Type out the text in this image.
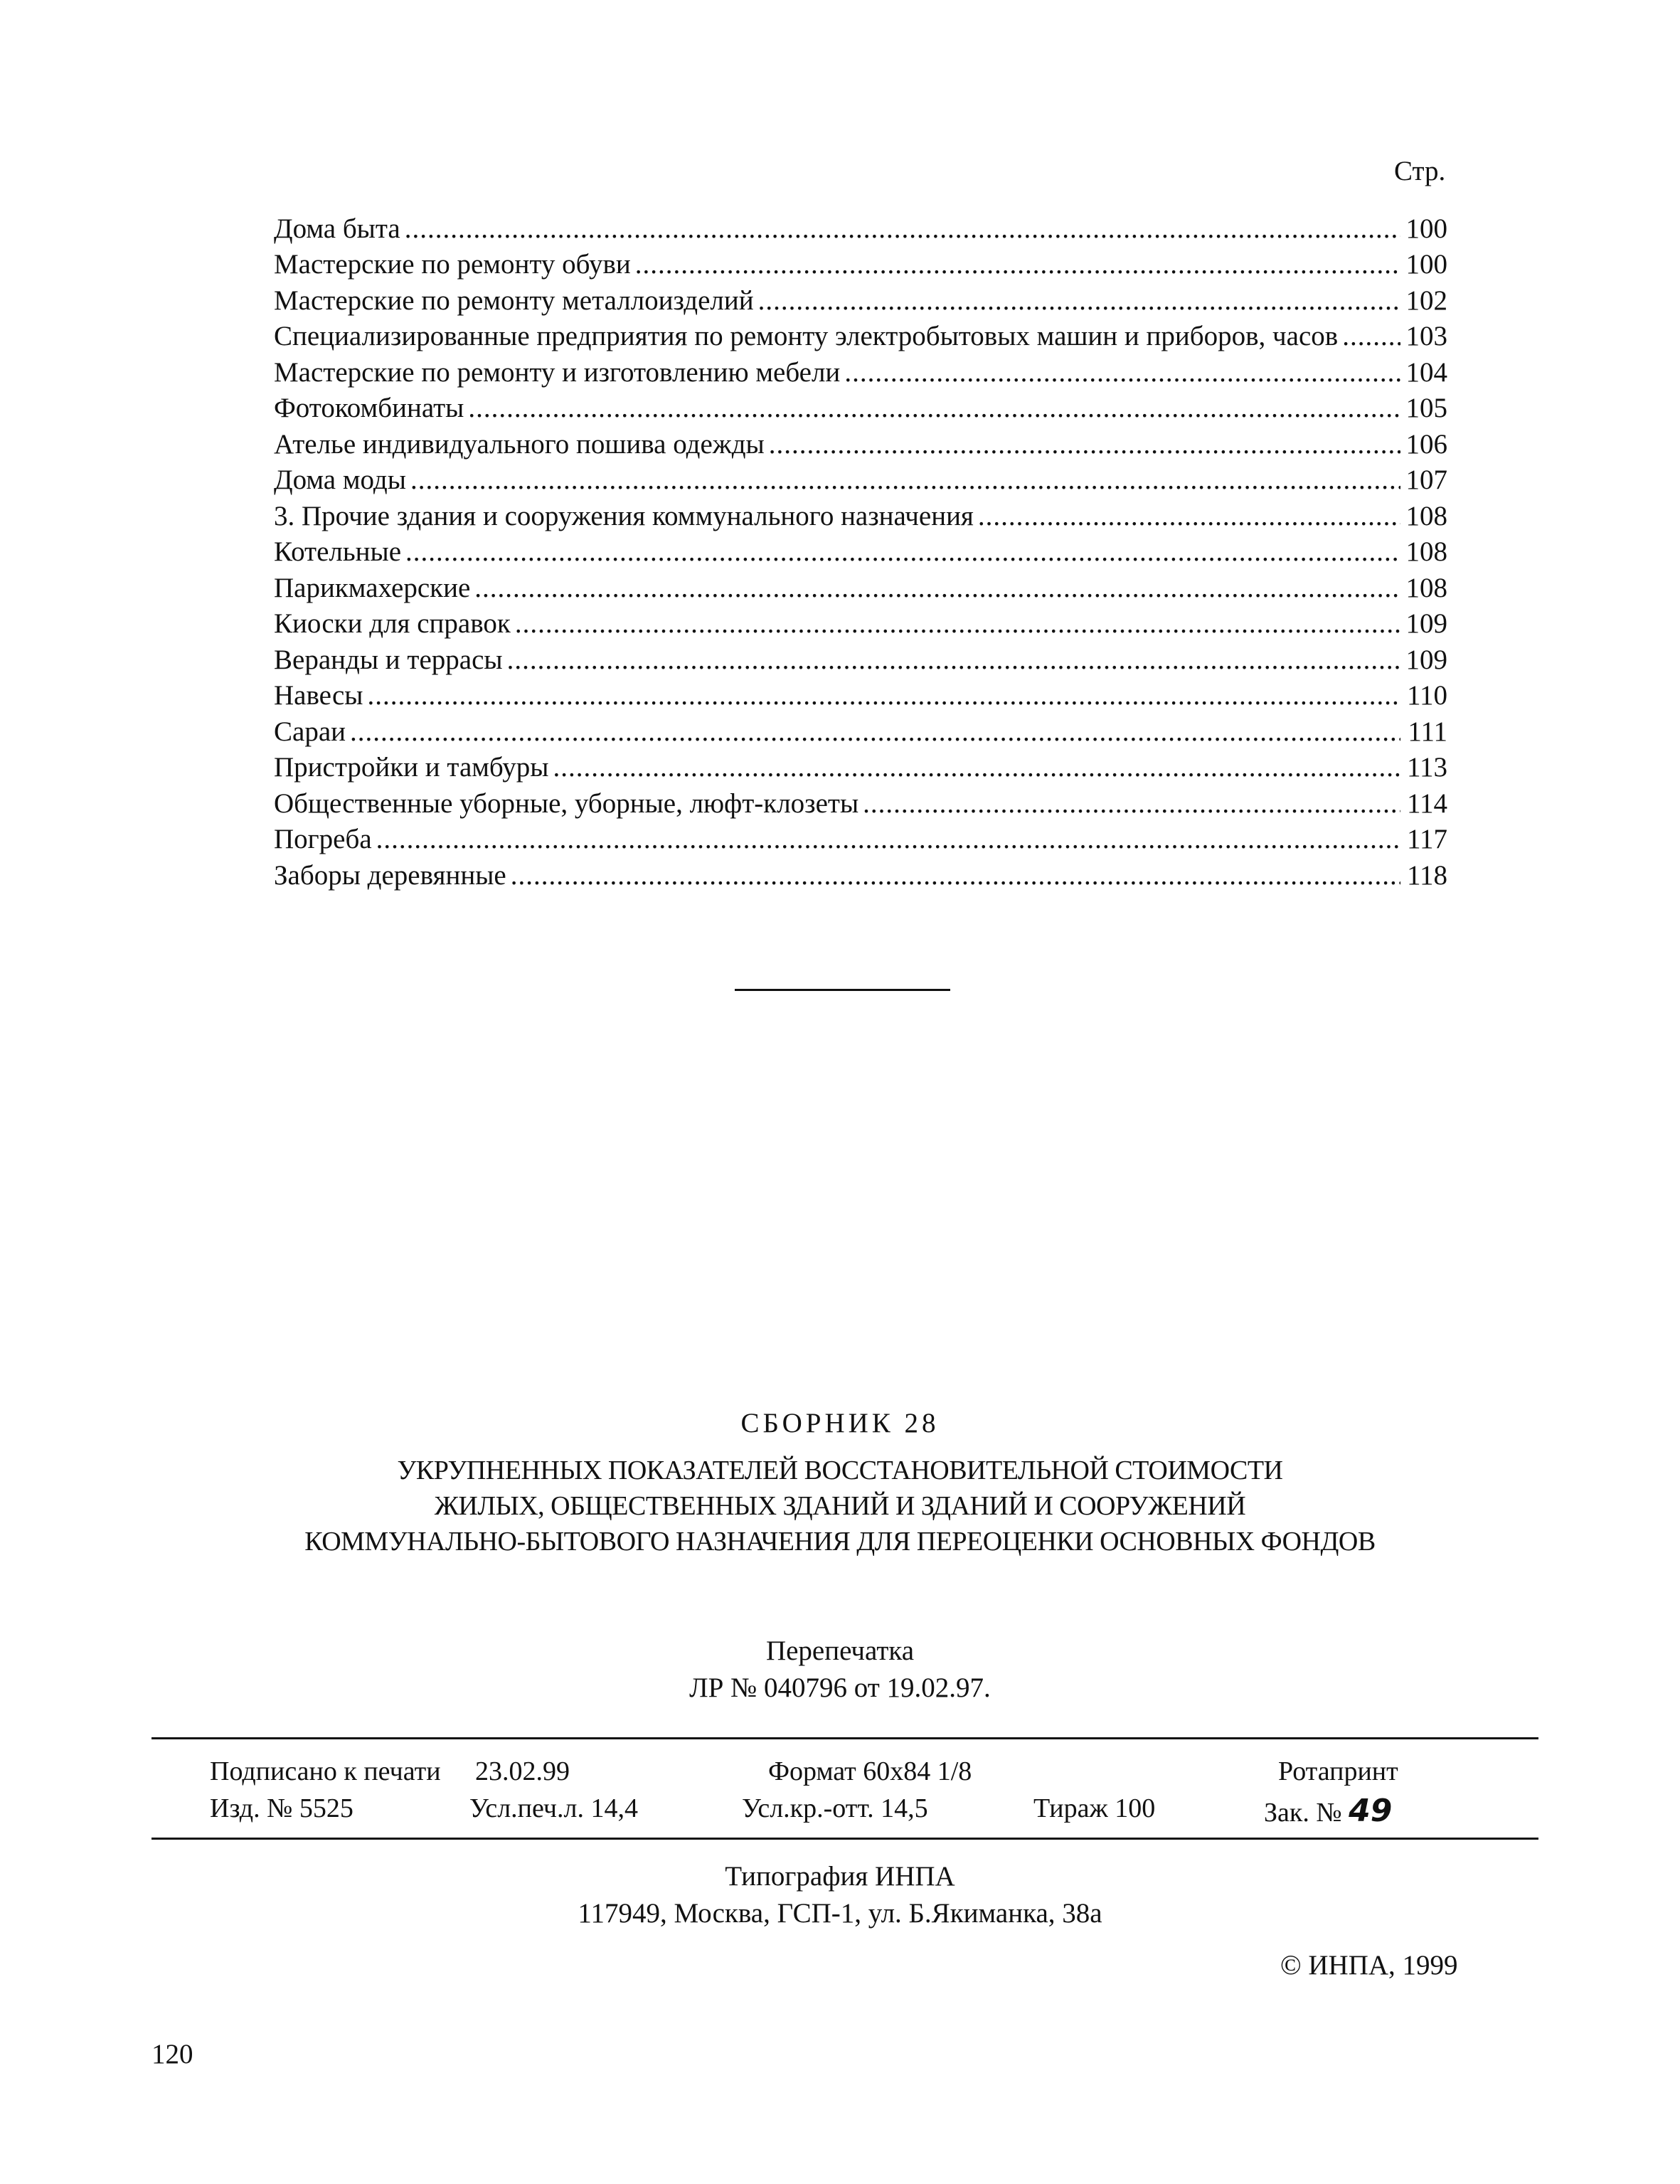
Стр.
Дома быта .....	100
Мастерские по ремонту обуви .....	100
Мастерские по ремонту металлоизделий .....	102
Специализированные предприятия по ремонту электробытовых машин и приборов, часов ..... 103
Мастерские по ремонту и изготовлению мебели .....	104
Фотокомбинаты .....	105
Ателье индивидуального пошива одежды .....	106
Дома моды .....	107
3. Прочие здания и сооружения коммунального назначения .....	108
Котельные .....	108
Парикмахерские .....	108
Киоски для справок .....	109
Веранды и террасы .....	109
Навесы .....	110
Сараи .....	111
Пристройки и тамбуры .....	113
Общественные уборные, уборные, люфт-клозеты .....	114
Погреба .....	117
Заборы деревянные .....	118
СБОРНИК 28
УКРУПНЕННЫХ ПОКАЗАТЕЛЕЙ ВОССТАНОВИТЕЛЬНОЙ СТОИМОСТИ
ЖИЛЫХ, ОБЩЕСТВЕННЫХ ЗДАНИЙ И ЗДАНИЙ И СООРУЖЕНИЙ
КОММУНАЛЬНО-БЫТОВОГО НАЗНАЧЕНИЯ ДЛЯ ПЕРЕОЦЕНКИ ОСНОВНЫХ ФОНДОВ
Перепечатка
ЛР № 040796 от 19.02.97.
Подписано к печати 23.02.99	Формат 60х84 1/8	Ротапринт
Изд. № 5525	Усл.печ.л. 14,4	Усл.кр.-отт. 14,5	Тираж 100	Зак. № 49
Типография ИНПА
117949, Москва, ГСП-1, ул. Б.Якиманка, 38а
© ИНПА, 1999
120
